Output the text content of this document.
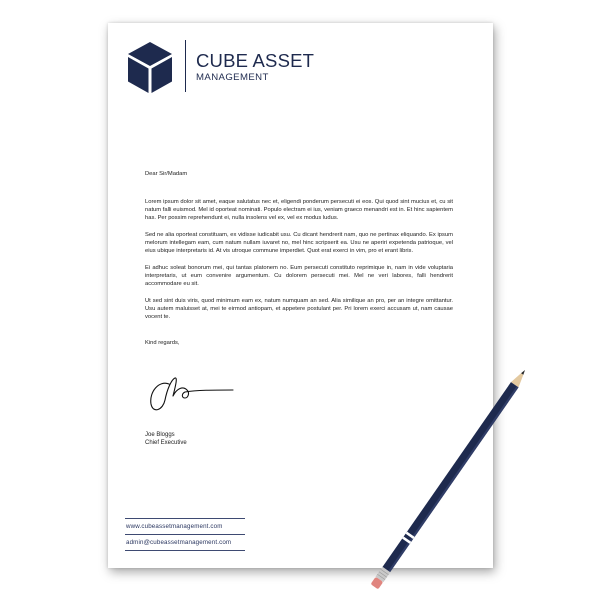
CUBE ASSET
MANAGEMENT

Dear Sir/Madam

Lorem ipsum dolor sit amet, eaque salutatus nec et, eligendi ponderum persecuti ei eos. Qui quod sint mucius et, cu sit natum falli euismod. Mel id oporteat nominati. Populo electram ei ius, veniam graeco menandri est in. Et hinc sapientem has. Per possim reprehendunt ei, nulla insolens vel ex, vel ex modus ludus.

Sed ne alia oporteat constituam, ex vidisse iudicabit usu. Cu dicant hendrerit nam, quo ne pertinax eliquando. Ex ipsum melorum intellegam eam, cum natum nullam iuvaret no, mel hinc scripserit ea. Usu ne aperiri expetenda patrioque, vel eius ubique interpretaris id. At vis utroque commune imperdiet. Quot erat exerci in vim, pro et erant libris.

Ei adhuc soleat bonorum mei, qui tantas platonem no. Eum persecuti constituto reprimique in, nam in vide voluptaria interpretaris, ut eum convenire argumentum. Cu dolorem persecuti mei. Mel ne veri labores, falli hendrerit accommodare eu sit.

Ut sed sint duis viris, quod minimum eam ex, natum numquam an sed. Alia similique an pro, per an integre omittantur. Usu autem maluisset at, mei te eirmod antiopam, et appetere postulant per. Pri lorem exerci accusam ut, nam causae vocent te.

Kind regards,

Joe Bloggs
Chief Executive
www.cubeassetmanagement.com
admin@cubeassetmanagement.com
